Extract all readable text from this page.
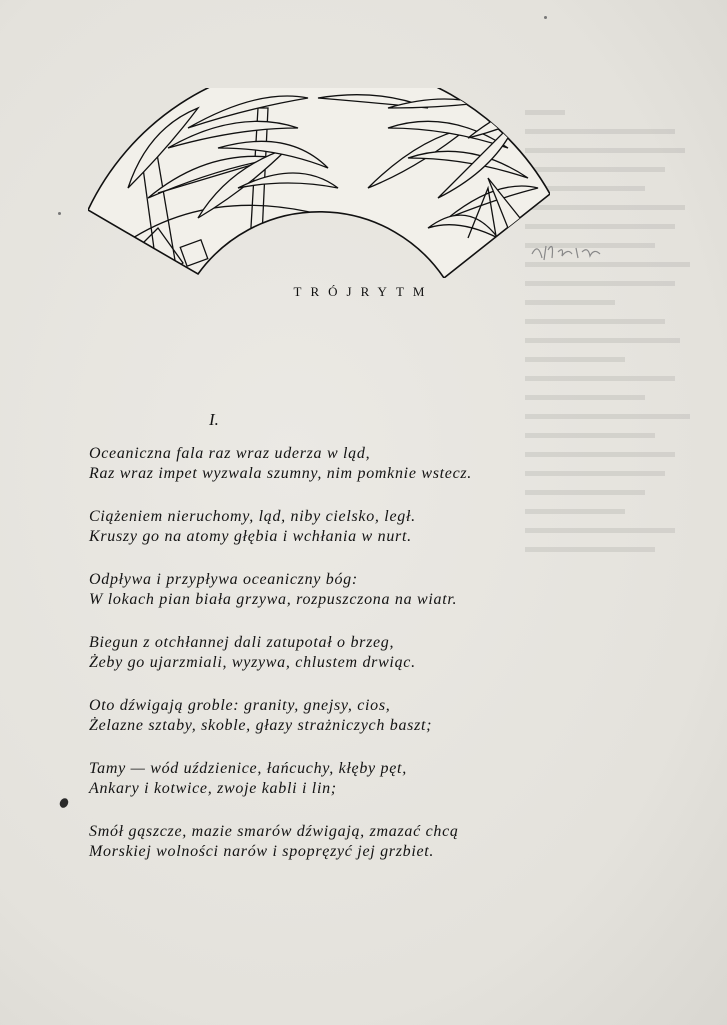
TRÓJRYTM
I.
Oceaniczna fala raz wraz uderza w ląd,
Raz wraz impet wyzwala szumny, nim pomknie wstecz.
Ciążeniem nieruchomy, ląd, niby cielsko, legł.
Kruszy go na atomy głębia i wchłania w nurt.
Odpływa i przypływa oceaniczny bóg:
W lokach pian biała grzywa, rozpuszczona na wiatr.
Biegun z otchłannej dali zatupotał o brzeg,
Żeby go ujarzmiali, wyzywa, chlustem drwiąc.
Oto dźwigają groble: granity, gnejsy, cios,
Żelazne sztaby, skoble, głazy strażniczych baszt;
Tamy — wód uździenice, łańcuchy, kłęby pęt,
Ankary i kotwice, zwoje kabli i lin;
Smół gąszcze, mazie smarów dźwigają, zmazać chcą
Morskiej wolności narów i spopręzyć jej grzbiet.
